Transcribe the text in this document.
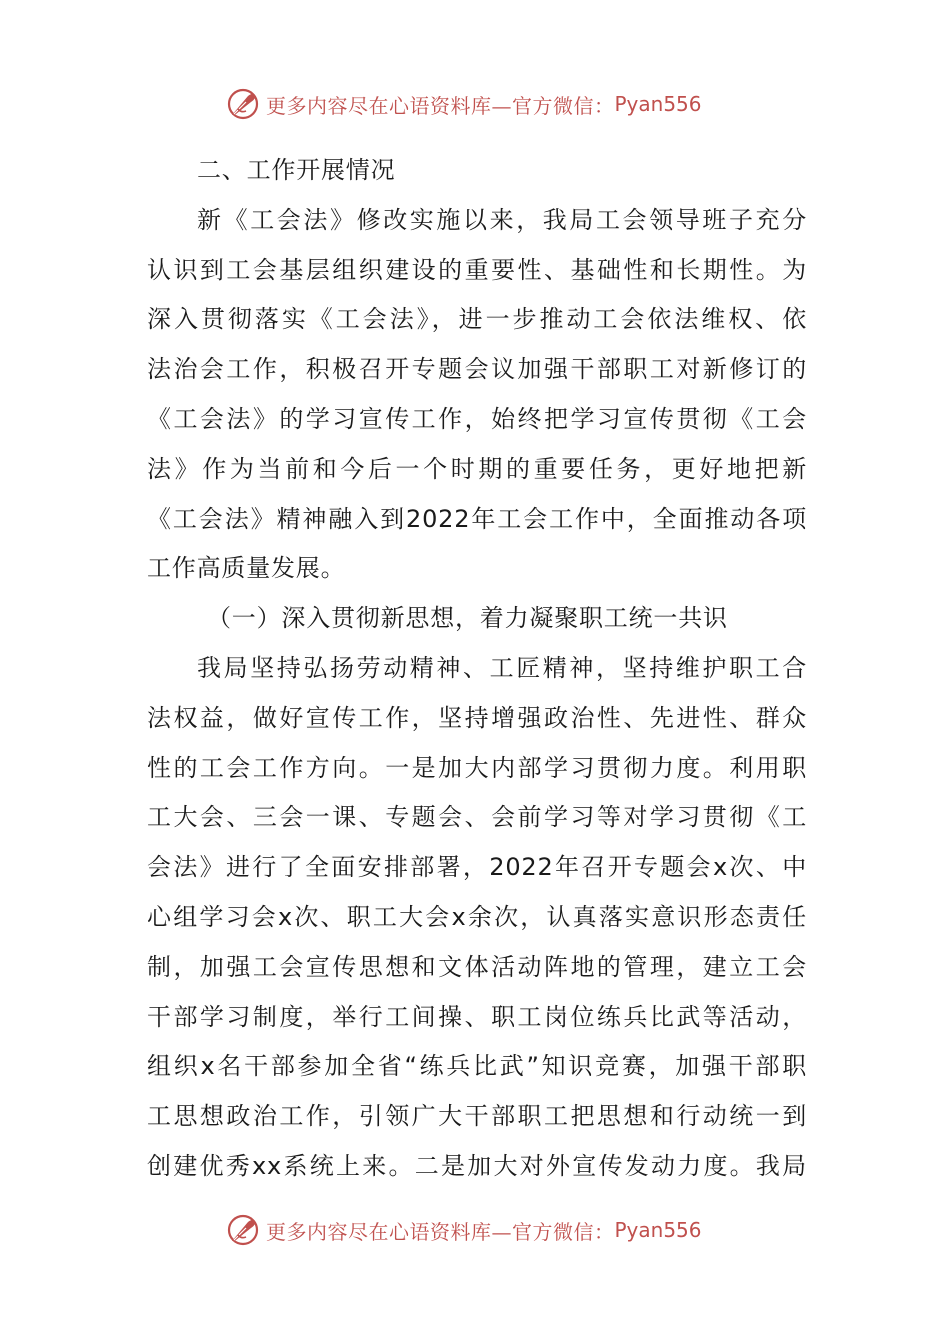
更多内容尽在心语资料库—官方微信： Pyan556
二、工作开展情况
新《工会法》修改实施以来，我局工会领导班子充分
认识到工会基层组织建设的重要性、基础性和长期性。为
深入贯彻落实《工会法》，进一步推动工会依法维权、依
法治会工作，积极召开专题会议加强干部职工对新修订的
《工会法》的学习宣传工作，始终把学习宣传贯彻《工会
法》作为当前和今后一个时期的重要任务，更好地把新
《工会法》精神融入到2022年工会工作中，全面推动各项
工作高质量发展。
（一）深入贯彻新思想，着力凝聚职工统一共识
我局坚持弘扬劳动精神、工匠精神，坚持维护职工合
法权益，做好宣传工作，坚持增强政治性、先进性、群众
性的工会工作方向。一是加大内部学习贯彻力度。利用职
工大会、三会一课、专题会、会前学习等对学习贯彻《工
会法》进行了全面安排部署，2022年召开专题会x次、中
心组学习会x次、职工大会x余次，认真落实意识形态责任
制，加强工会宣传思想和文体活动阵地的管理，建立工会
干部学习制度，举行工间操、职工岗位练兵比武等活动，
组织x名干部参加全省“练兵比武”知识竞赛，加强干部职
工思想政治工作，引领广大干部职工把思想和行动统一到
创建优秀xx系统上来。二是加大对外宣传发动力度。我局
更多内容尽在心语资料库—官方微信： Pyan556
